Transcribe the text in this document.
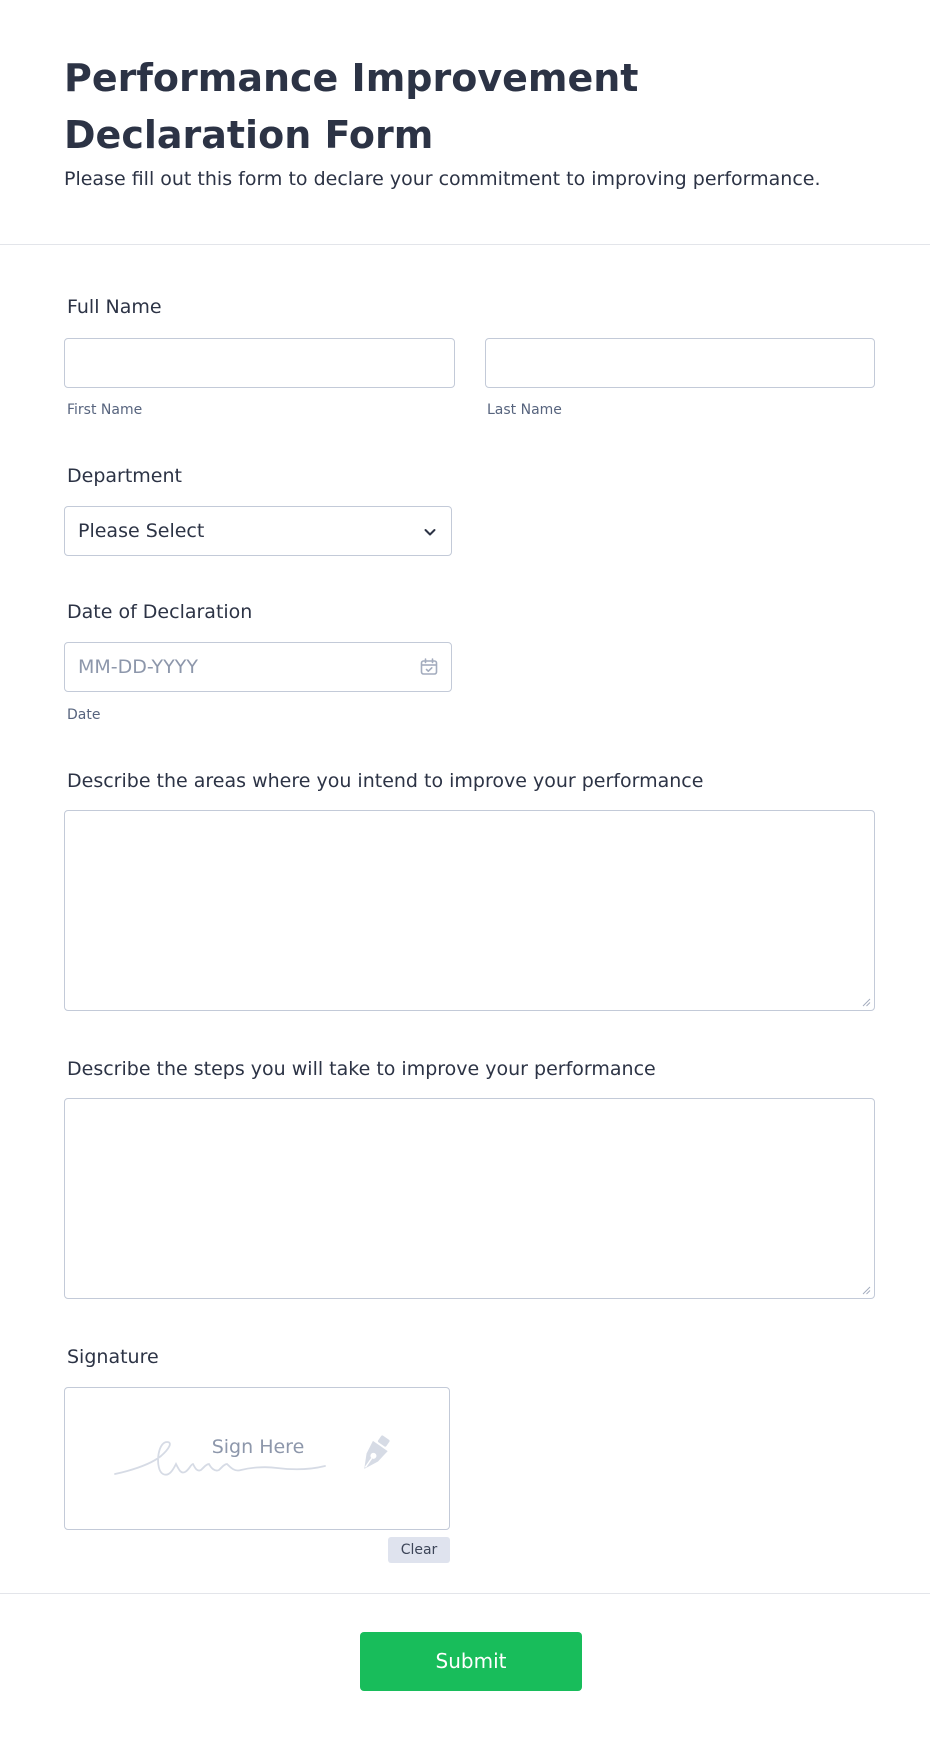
Performance Improvement Declaration Form

Please fill out this form to declare your commitment to improving performance.

Full Name
First Name	Last Name
Department
Please Select
Date of Declaration
MM-DD-YYYY
Date
Describe the areas where you intend to improve your performance
Describe the steps you will take to improve your performance
Signature
Sign Here
Clear
Submit
